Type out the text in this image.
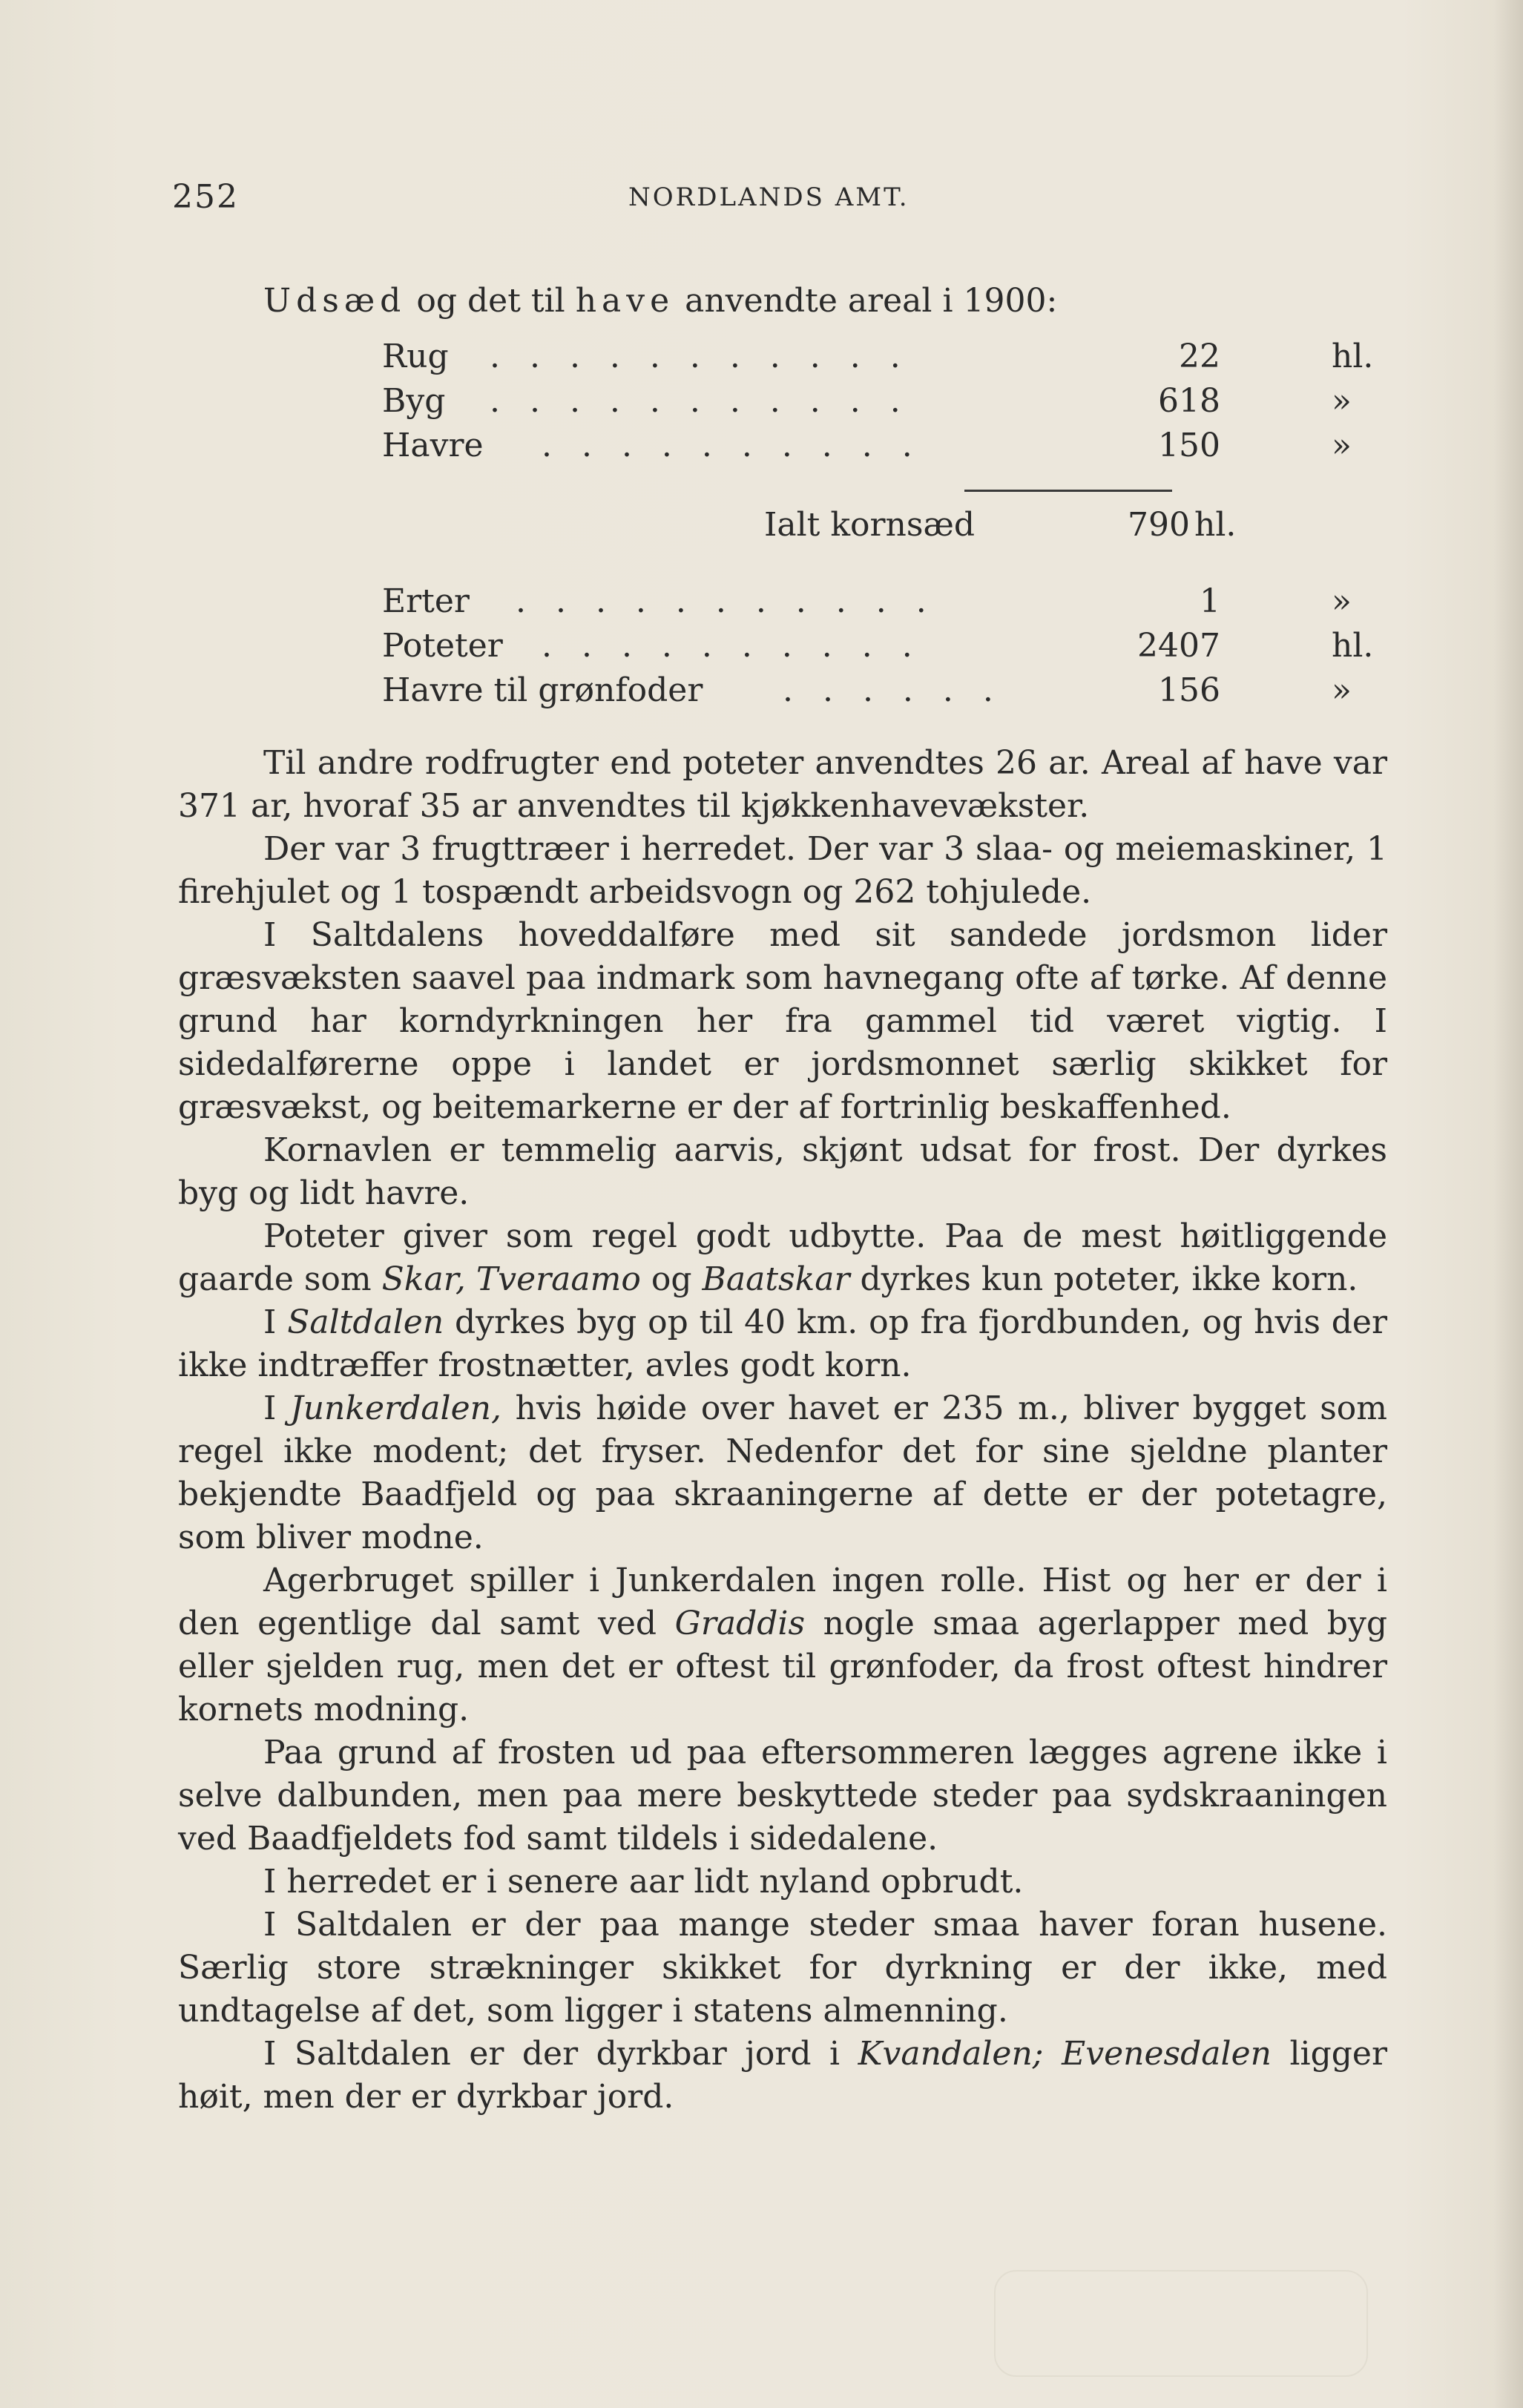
252	NORDLANDS AMT.
Udsæd og det til have anvendte areal i 1900:
Rug . . . . . . . . . . .	22	hl.
Byg . . . . . . . . . . .	618	»
Havre . . . . . . . . . .	150	»
Ialt kornsæd	790 hl.
Erter . . . . . . . . . . .	1	»
Poteter . . . . . . . . . .	2407	hl.
Havre til grønfoder . . . . . .	156	»

Til andre rodfrugter end poteter anvendtes 26 ar. Areal af have var 371 ar, hvoraf 35 ar anvendtes til kjøkkenhavevækster.

Der var 3 frugttræer i herredet. Der var 3 slaa- og meiemaskiner, 1 firehjulet og 1 tospændt arbeidsvogn og 262 tohjulede.

I Saltdalens hoveddalføre med sit sandede jordsmon lider græsvæksten saavel paa indmark som havnegang ofte af tørke. Af denne grund har korndyrkningen her fra gammel tid været vigtig. I sidedalførerne oppe i landet er jordsmonnet særlig skikket for græsvækst, og beitemarkerne er der af fortrinlig beskaffenhed.

Kornavlen er temmelig aarvis, skjønt udsat for frost. Der dyrkes byg og lidt havre.

Poteter giver som regel godt udbytte. Paa de mest høitliggende gaarde som Skar, Tveraamo og Baatskar dyrkes kun poteter, ikke korn.

I Saltdalen dyrkes byg op til 40 km. op fra fjordbunden, og hvis der ikke indtræffer frostnætter, avles godt korn.

I Junkerdalen, hvis høide over havet er 235 m., bliver bygget som regel ikke modent; det fryser. Nedenfor det for sine sjeldne planter bekjendte Baadfjeld og paa skraaningerne af dette er der potetagre, som bliver modne.

Agerbruget spiller i Junkerdalen ingen rolle. Hist og her er der i den egentlige dal samt ved Graddis nogle smaa agerlapper med byg eller sjelden rug, men det er oftest til grønfoder, da frost oftest hindrer kornets modning.

Paa grund af frosten ud paa eftersommeren lægges agrene ikke i selve dalbunden, men paa mere beskyttede steder paa sydskraaningen ved Baadfjeldets fod samt tildels i sidedalene.

I herredet er i senere aar lidt nyland opbrudt.

I Saltdalen er der paa mange steder smaa haver foran husene. Særlig store strækninger skikket for dyrkning er der ikke, med undtagelse af det, som ligger i statens almenning.

I Saltdalen er der dyrkbar jord i Kvandalen; Evenesdalen ligger høit, men der er dyrkbar jord.
